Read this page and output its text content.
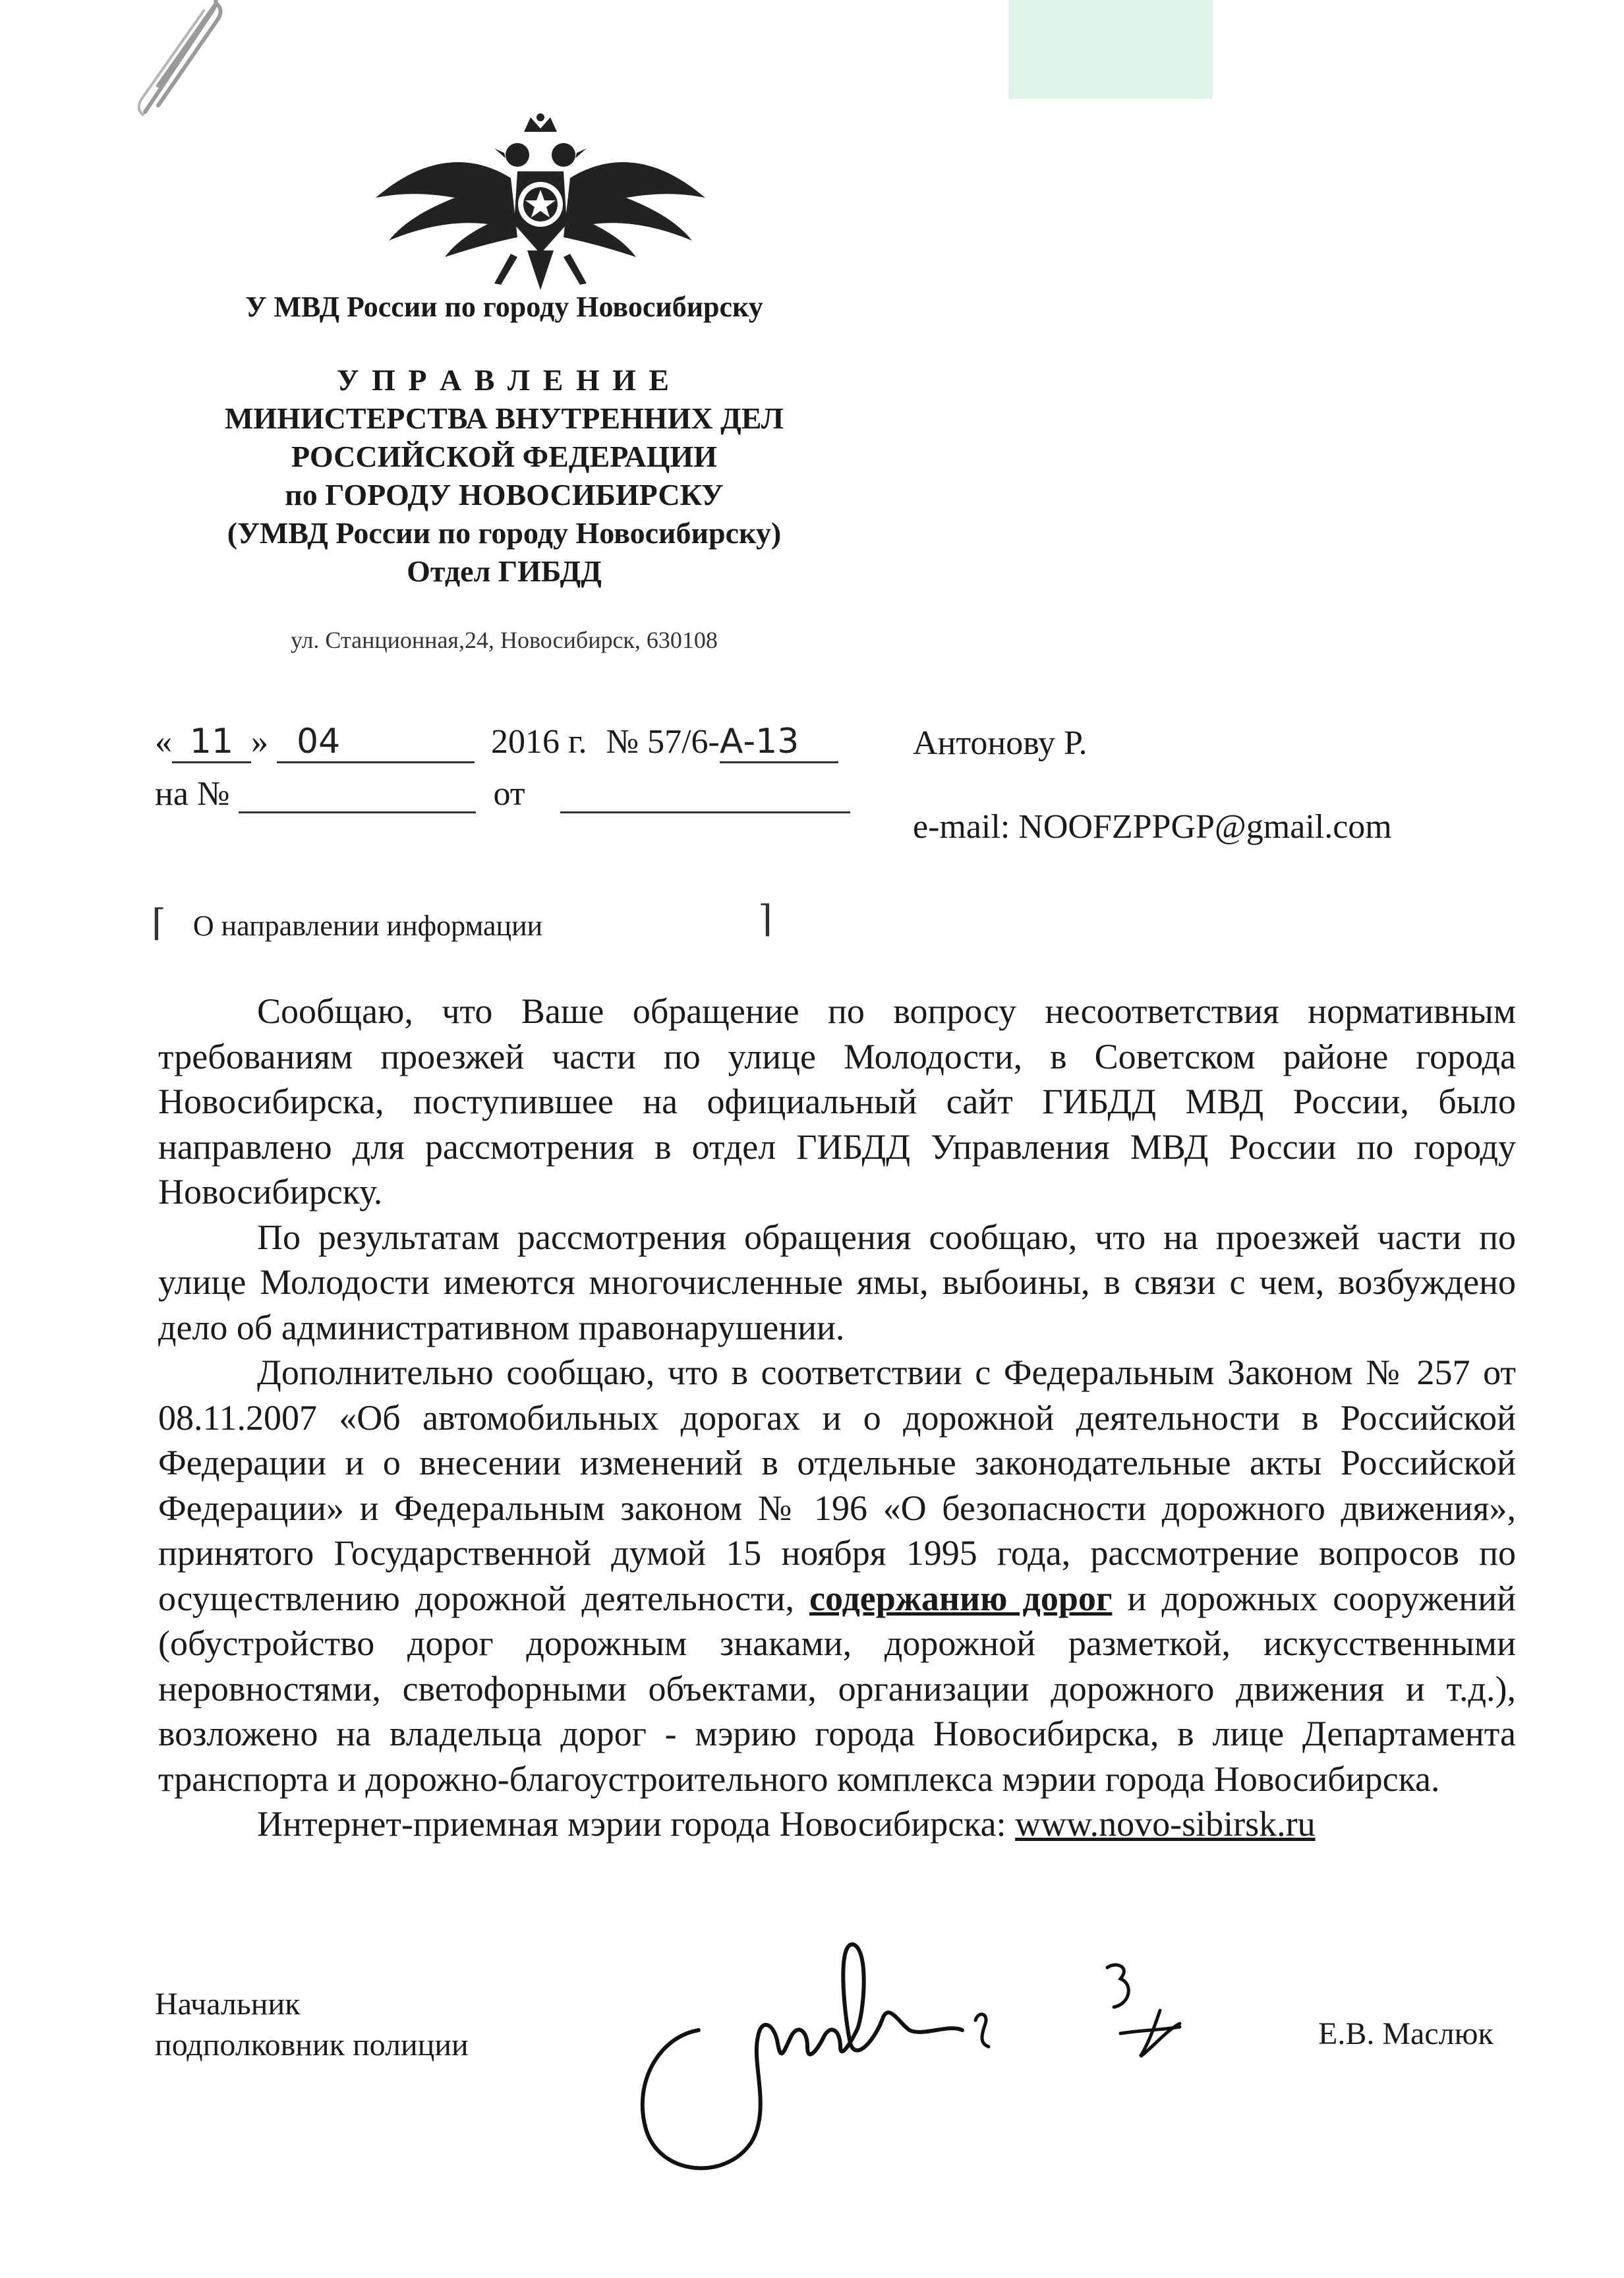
У МВД России по городу Новосибирску
У П Р А В Л Е Н И Е
МИНИСТЕРСТВА ВНУТРЕННИХ ДЕЛ
РОССИЙСКОЙ ФЕДЕРАЦИИ
по ГОРОДУ НОВОСИБИРСКУ
(УМВД России по городу Новосибирску)
Отдел ГИБДД
ул. Станционная,24, Новосибирск, 630108
« 11 » 04	2016 г. № 57/6-А-13
на №	от
Антонову Р.
e-mail: NOOFZPPGP@gmail.com
⌈ О направлении информации	⌉

Сообщаю, что Ваше обращение по вопросу несоответствия нормативным требованиям проезжей части по улице Молодости, в Советском районе города Новосибирска, поступившее на официальный сайт ГИБДД МВД России, было направлено для рассмотрения в отдел ГИБДД Управления МВД России по городу Новосибирску.

По результатам рассмотрения обращения сообщаю, что на проезжей части по улице Молодости имеются многочисленные ямы, выбоины, в связи с чем, возбуждено дело об административном правонарушении.

Дополнительно сообщаю, что в соответствии с Федеральным Законом № 257 от 08.11.2007 «Об автомобильных дорогах и о дорожной деятельности в Российской Федерации и о внесении изменений в отдельные законодательные акты Российской Федерации» и Федеральным законом № 196 «О безопасности дорожного движения», принятого Государственной думой 15 ноября 1995 года, рассмотрение вопросов по осуществлению дорожной деятельности, содержанию дорог и дорожных сооружений (обустройство дорог дорожным знаками, дорожной разметкой, искусственными неровностями, светофорными объектами, организации дорожного движения и т.д.), возложено на владельца дорог - мэрию города Новосибирска, в лице Департамента транспорта и дорожно-благоустроительного комплекса мэрии города Новосибирска.

Интернет-приемная мэрии города Новосибирска: www.novo-sibirsk.ru

Начальник
подполковник полиции	Е.В. Маслюк
